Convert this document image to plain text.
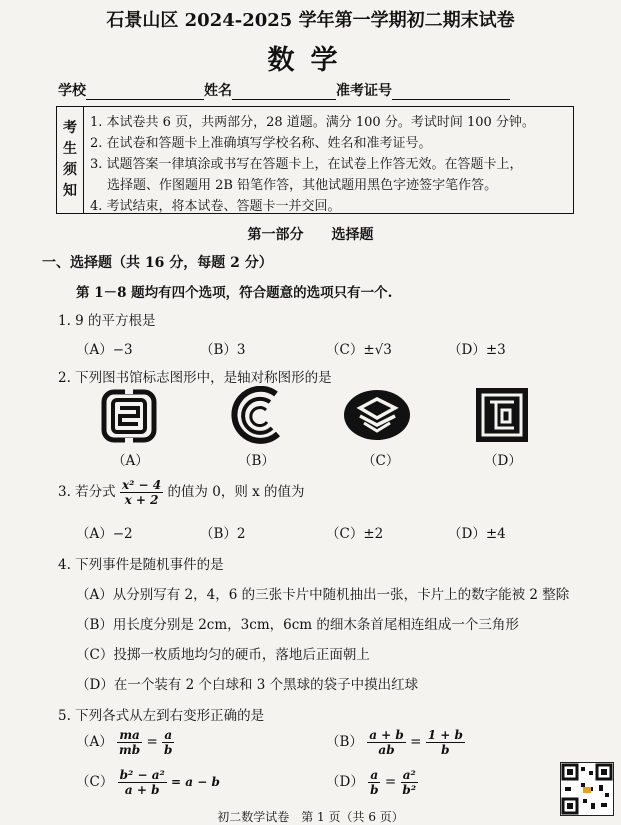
石景山区 2024-2025 学年第一学期初二期末试卷
数学
学校	姓名	准考证号
考
生
须
知
1. 本试卷共 6 页，共两部分，28 道题。满分 100 分。考试时间 100 分钟。
2. 在试卷和答题卡上准确填写学校名称、姓名和准考证号。
3. 试题答案一律填涂或书写在答题卡上，在试卷上作答无效。在答题卡上，
选择题、作图题用 2B 铅笔作答，其他试题用黑色字迹签字笔作答。
4. 考试结束，将本试卷、答题卡一并交回。
第一部分　　选择题
一、选择题（共 16 分，每题 2 分）
第 1－8 题均有四个选项，符合题意的选项只有一个.
1. 9 的平方根是
（A）−3	（B）3	（C）±√3	（D）±3
2. 下列图书馆标志图形中，是轴对称图形的是
（A）	（B）	（C）	（D）
3. 若分式 $\frac{\text{x² − 4}}{x + 2}$ 的值为 0，则 x 的值为
（A）−2	（B）2	（C）±2	（D）±4
4. 下列事件是随机事件的是
（A）从分别写有 2，4，6 的三张卡片中随机抽出一张，卡片上的数字能被 2 整除
（B）用长度分别是 2cm，3cm，6cm 的细木条首尾相连组成一个三角形
（C）投掷一枚质地均匀的硬币，落地后正面朝上
（D）在一个装有 2 个白球和 3 个黑球的袋子中摸出红球
5. 下列各式从左到右变形正确的是
$(A) \frac{ma}{mb} = \frac{a}{b}$	$(B) \frac{a + b}{ab} = \frac{1 + b}{b}$
$(C) \frac{\text{b² − a²}}{a + b} = a - b$	$(D) \frac{a}{b} = \frac{\text{a²}}{\text{b²}}$
初二数学试卷　第 1 页（共 6 页）
